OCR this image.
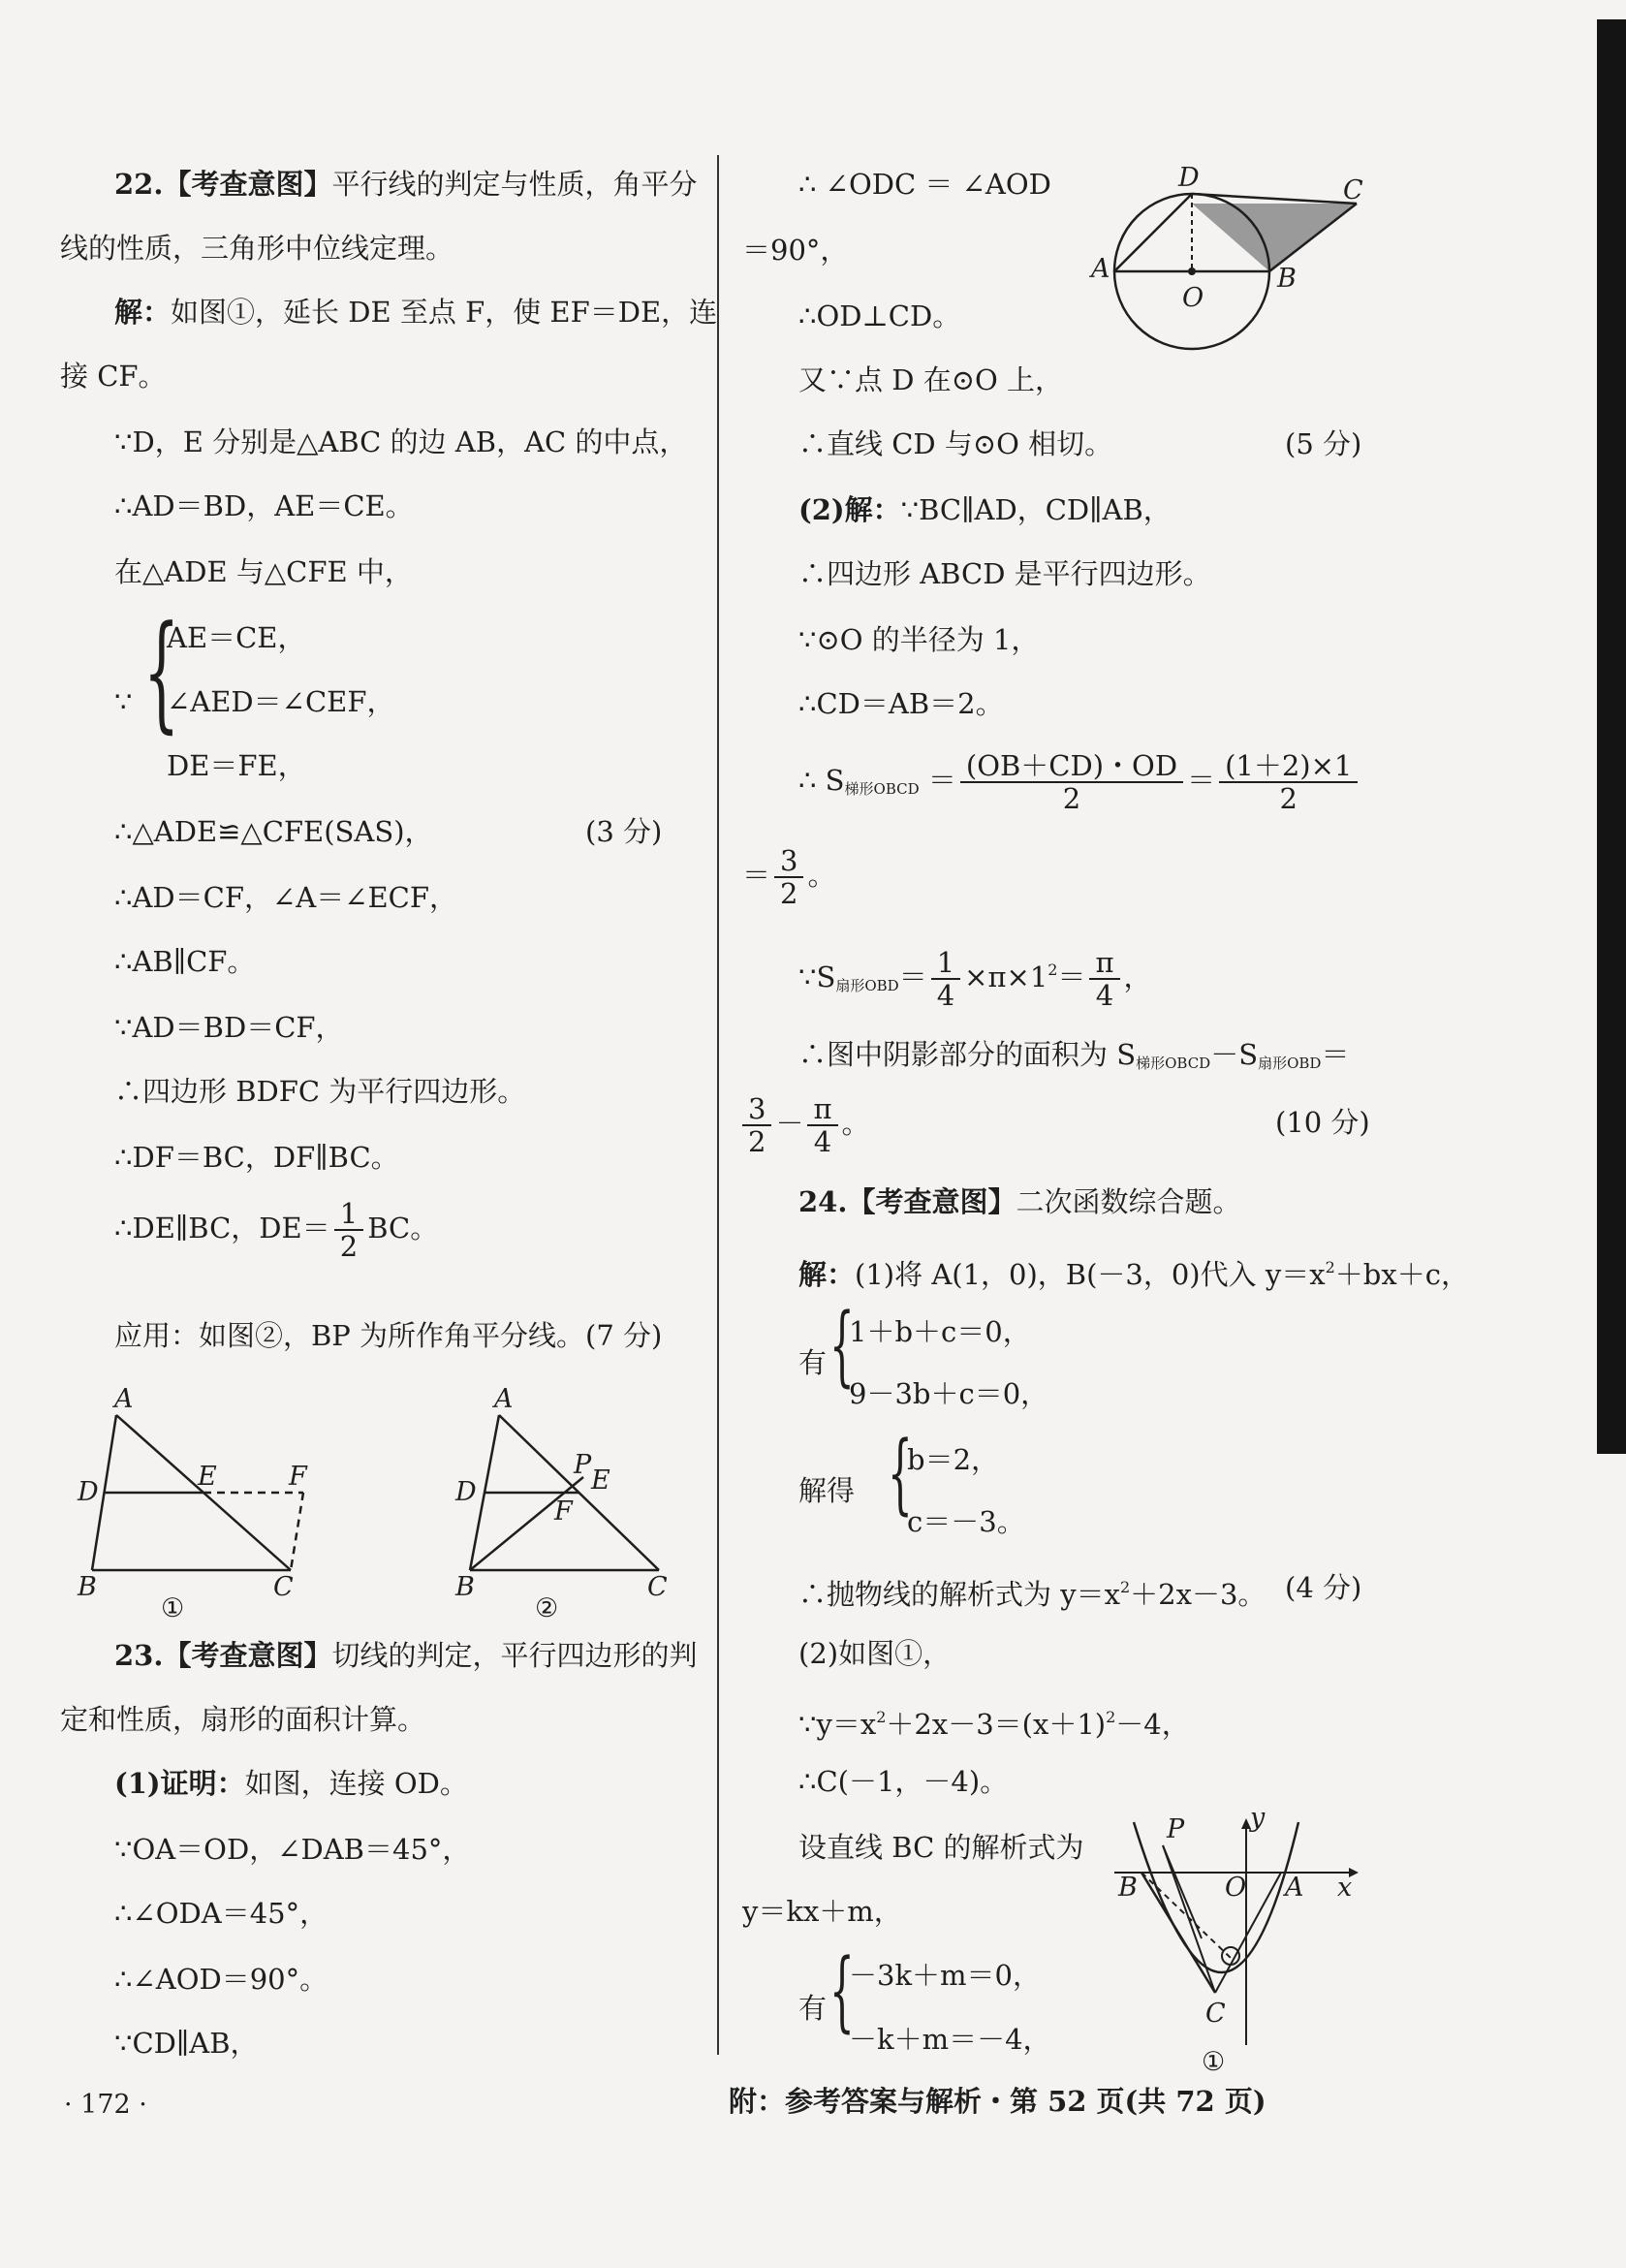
22.【考查意图】平行线的判定与性质，角平分
线的性质，三角形中位线定理。
解：如图①，延长 DE 至点 F，使 EF＝DE，连
接 CF。
∵D，E 分别是△ABC 的边 AB，AC 的中点，
∴AD＝BD，AE＝CE。
在△ADE 与△CFE 中，
∵ {
AE＝CE，
∠AED＝∠CEF，
DE＝FE，
∴△ADE≌△CFE(SAS)，	(3 分)
∴AD＝CF，∠A＝∠ECF，
∴AB∥CF。
∵AD＝BD＝CF，
∴四边形 BDFC 为平行四边形。
∴DF＝BC，DF∥BC。
∴DE∥BC，$DE= \frac{1}{2}$ BC。
应用：如图②，BP 为所作角平分线。 (7 分)
A
D
E	F
B	C
①
A
D
P
E
F
B	C
②
23.【考查意图】切线的判定，平行四边形的判
定和性质，扇形的面积计算。
(1)证明：如图，连接 OD。
∵OA＝OD，∠DAB＝45°，
∴∠ODA＝45°，
∴∠AOD＝90°。
∵CD∥AB，
∴ ∠ODC ＝ ∠AOD
＝90°，
∴OD⊥CD。
又∵点 D 在⊙O 上，
∴直线 CD 与⊙O 相切。	(5 分)
D	C
A	B
O
(2)解：∵BC∥AD，CD∥AB，
∴四边形 ABCD 是平行四边形。
∵⊙O 的半径为 1，
∴CD＝AB＝2。
∴ $S_{梯形OBCD} = \frac{(OB+CD)・OD}{2} = \frac{(1+2)\times 1}{2}$
＝ $\frac{3}{2}$ 。
$\because S_{扇形OBD}= \frac{1}{4} \times\pi\times 1^2= \frac{\pi}{4}$ ，
∴图中阴影部分的面积为 $S_{梯形OBCD}-S_{扇形OBD}=$
$\frac{3}{2} - \frac{\pi}{4}$ 。	(10 分)
24.【考查意图】二次函数综合题。
解：(1)将 A(1，0)，B(－3，0)代入 $y=x^2+bx+c$，
有 {
1＋b＋c＝0，
9－3b＋c＝0，
解得 {
b＝2，
c＝－3。
∴抛物线的解析式为 $y=x^2+2x-3$。 (4 分)
(2)如图①，
$\because y=x^2+2x-3=(x+1)^2-4$，
∴C(－1，－4)。
设直线 BC 的解析式为
y＝kx＋m，
有 {
－3k＋m＝0，
－k＋m＝－4，
B
P	y
O A x
C
①
· 172 ·	附：参考答案与解析・第 52 页(共 72 页)
